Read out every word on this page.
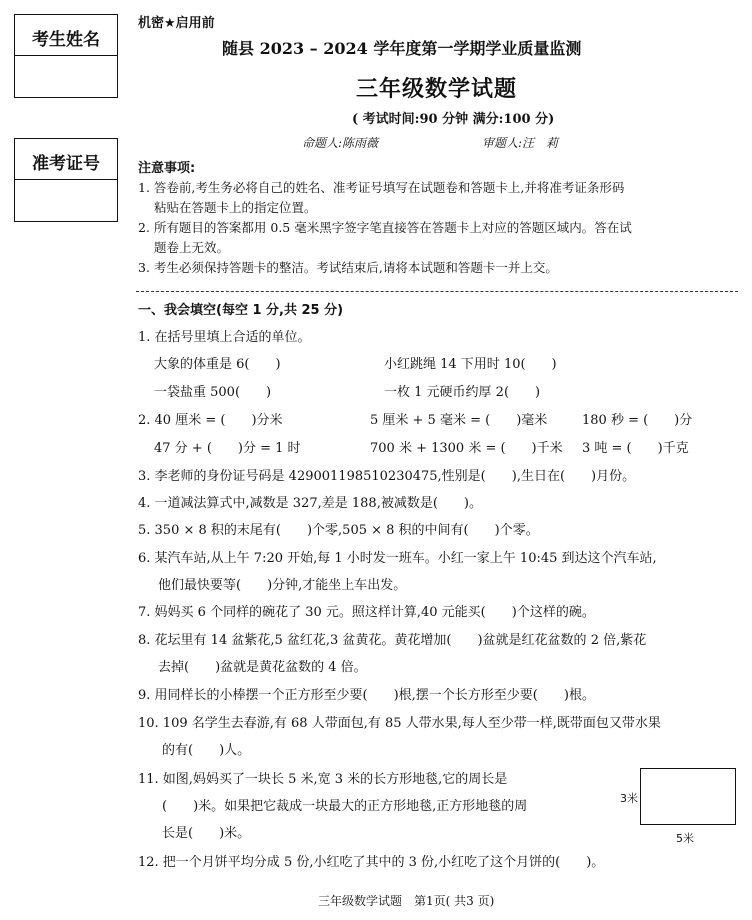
考生姓名
准考证号
机密★启用前
随县 2023 – 2024 学年度第一学期学业质量监测
三年级数学试题
( 考试时间:90 分钟 满分:100 分)
命题人:陈雨薇	审题人:汪　莉
注意事项:
1. 答卷前,考生务必将自己的姓名、准考证号填写在试题卷和答题卡上,并将准考证条形码
粘贴在答题卡上的指定位置。
2. 所有题目的答案都用 0.5 毫米黑字签字笔直接答在答题卡上对应的答题区域内。答在试
题卷上无效。
3. 考生必须保持答题卡的整洁。考试结束后,请将本试题和答题卡一并上交。
一、我会填空(每空 1 分,共 25 分)
1. 在括号里填上合适的单位。
大象的体重是 6(　　)	小红跳绳 14 下用时 10(　　)
一袋盐重 500(　　)	一枚 1 元硬币约厚 2(　　)
2. 40 厘米 = (　　)分米	5 厘米 + 5 毫米 = (　　)毫米	180 秒 = (　　)分
47 分 + (　　)分 = 1 时	700 米 + 1300 米 = (　　)千米 3 吨 = (　　)千克
3. 李老师的身份证号码是 429001198510230475,性别是(　　),生日在(　　)月份。
4. 一道减法算式中,减数是 327,差是 188,被减数是(　　)。
5. 350 × 8 积的末尾有(　　)个零,505 × 8 积的中间有(　　)个零。
6. 某汽车站,从上午 7:20 开始,每 1 小时发一班车。小红一家上午 10:45 到达这个汽车站,
他们最快要等(　　)分钟,才能坐上车出发。
7. 妈妈买 6 个同样的碗花了 30 元。照这样计算,40 元能买(　　)个这样的碗。
8. 花坛里有 14 盆紫花,5 盆红花,3 盆黄花。黄花增加(　　)盆就是红花盆数的 2 倍,紫花
去掉(　　)盆就是黄花盆数的 4 倍。
9. 用同样长的小棒摆一个正方形至少要(　　)根,摆一个长方形至少要(　　)根。
10. 109 名学生去春游,有 68 人带面包,有 85 人带水果,每人至少带一样,既带面包又带水果
的有(　　)人。
11. 如图,妈妈买了一块长 5 米,宽 3 米的长方形地毯,它的周长是
(　　)米。如果把它裁成一块最大的正方形地毯,正方形地毯的周
长是(　　)米。
3米
5米
12. 把一个月饼平均分成 5 份,小红吃了其中的 3 份,小红吃了这个月饼的(　　)。
三年级数学试题　第1页( 共3 页)
